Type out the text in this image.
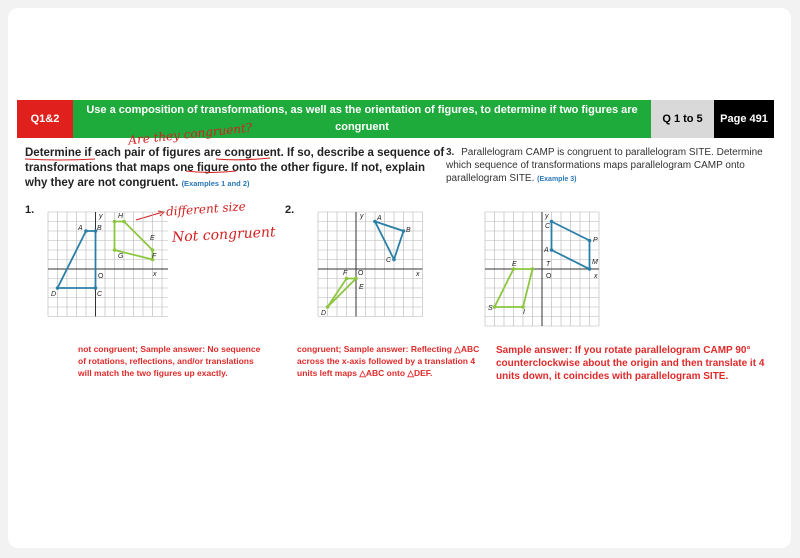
Q1&2
Use a composition of transformations, as well as the orientation of figures, to determine if two figures are congruent
Q 1 to 5	Page 491
Determine if each pair of figures are congruent. If so, describe a sequence of transformations that maps one figure onto the other figure. If not, explain why they are not congruent. (Examples 1 and 2)
3. Parallelogram CAMP is congruent to parallelogram SITE. Determine which sequence of transformations maps parallelogram CAMP onto parallelogram SITE. (Example 3)
1.	2.
Are they congruent?
different size
Not congruent
A B
H
G
E
F
D	C
O
y
x
A
B
C
F O
E
D
y
x
C
A
P
M
T
E
O
S
I
y
x
not congruent; Sample answer: No sequence of rotations, reflections, and/or translations will match the two figures up exactly.
congruent; Sample answer: Reflecting △ABC across the x-axis followed by a translation 4 units left maps △ABC onto △DEF.
Sample answer: If you rotate parallelogram CAMP 90° counterclockwise about the origin and then translate it 4 units down, it coincides with parallelogram SITE.
